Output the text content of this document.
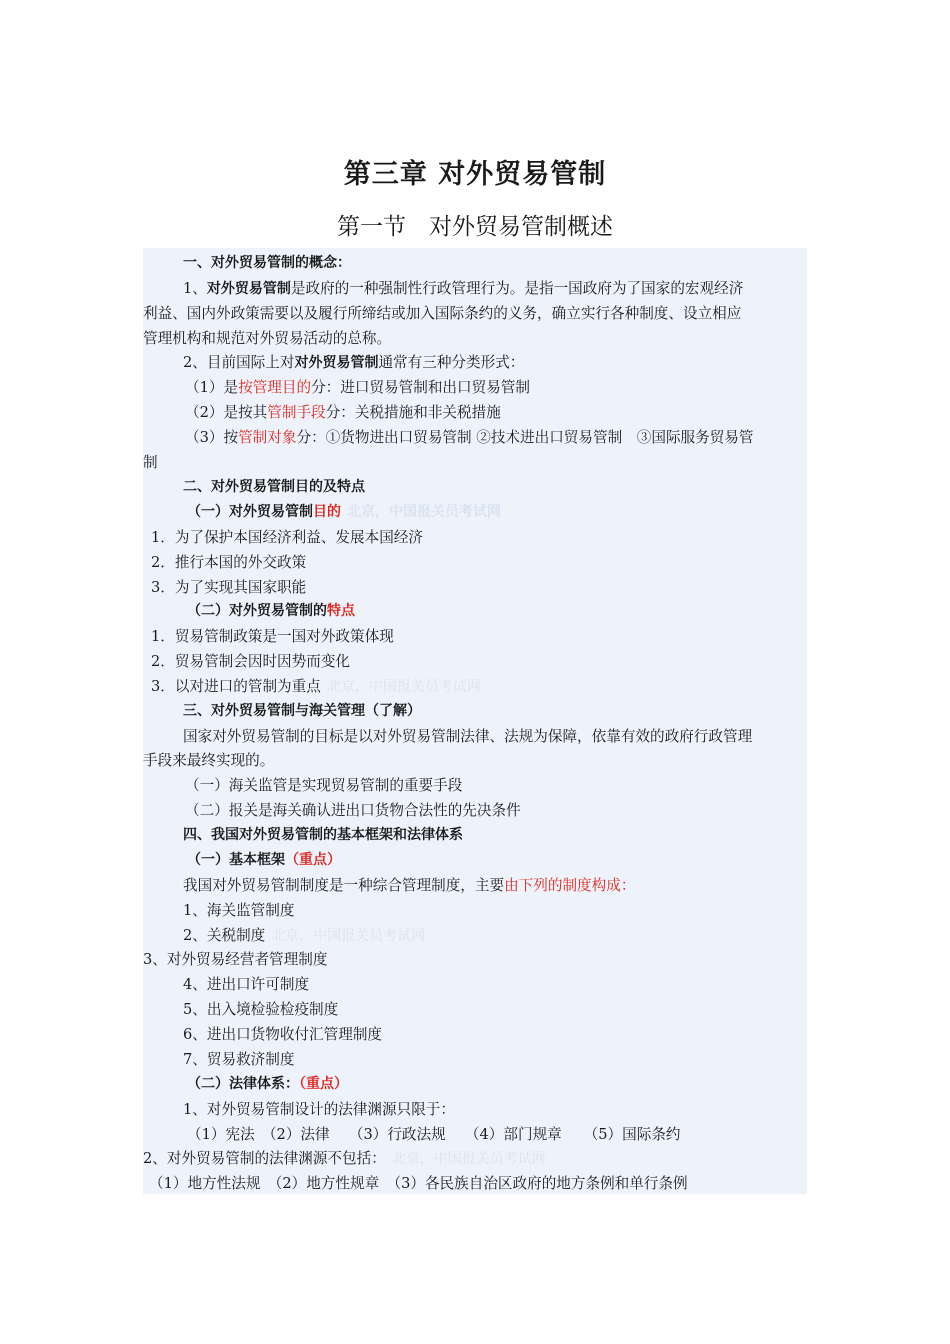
第三章 对外贸易管制
第一节　对外贸易管制概述
一、对外贸易管制的概念：
1、对外贸易管制是政府的一种强制性行政管理行为。是指一国政府为了国家的宏观经济
利益、国内外政策需要以及履行所缔结或加入国际条约的义务，确立实行各种制度、设立相应
管理机构和规范对外贸易活动的总称。
2、目前国际上对对外贸易管制通常有三种分类形式：
（1）是按管理目的分：进口贸易管制和出口贸易管制
（2）是按其管制手段分：关税措施和非关税措施
（3）按管制对象分：①货物进出口贸易管制 ②技术进出口贸易管制　③国际服务贸易管
制
二、对外贸易管制目的及特点
（一）对外贸易管制目的 北京，中国报关员考试网
1．为了保护本国经济利益、发展本国经济
2．推行本国的外交政策
3．为了实现其国家职能
（二）对外贸易管制的特点
1．贸易管制政策是一国对外政策体现
2．贸易管制会因时因势而变化
3．以对进口的管制为重点 北京，中国报关员考试网
三、对外贸易管制与海关管理（了解）
国家对外贸易管制的目标是以对外贸易管制法律、法规为保障，依靠有效的政府行政管理
手段来最终实现的。
（一）海关监管是实现贸易管制的重要手段
（二）报关是海关确认进出口货物合法性的先决条件
四、我国对外贸易管制的基本框架和法律体系
（一）基本框架（重点）
我国对外贸易管制制度是一种综合管理制度，主要由下列的制度构成：
1、海关监管制度
2、关税制度 北京，中国报关员考试网
3、对外贸易经营者管理制度
4、进出口许可制度
5、出入境检验检疫制度
6、进出口货物收付汇管理制度
7、贸易救济制度
（二）法律体系：（重点）
1、对外贸易管制设计的法律渊源只限于：
（1）宪法　（2）法律　 （3）行政法规　 （4）部门规章　　（5）国际条约
2、对外贸易管制的法律渊源不包括： 北京，中国报关员考试网
（1）地方性法规　（2）地方性规章　（3）各民族自治区政府的地方条例和单行条例
